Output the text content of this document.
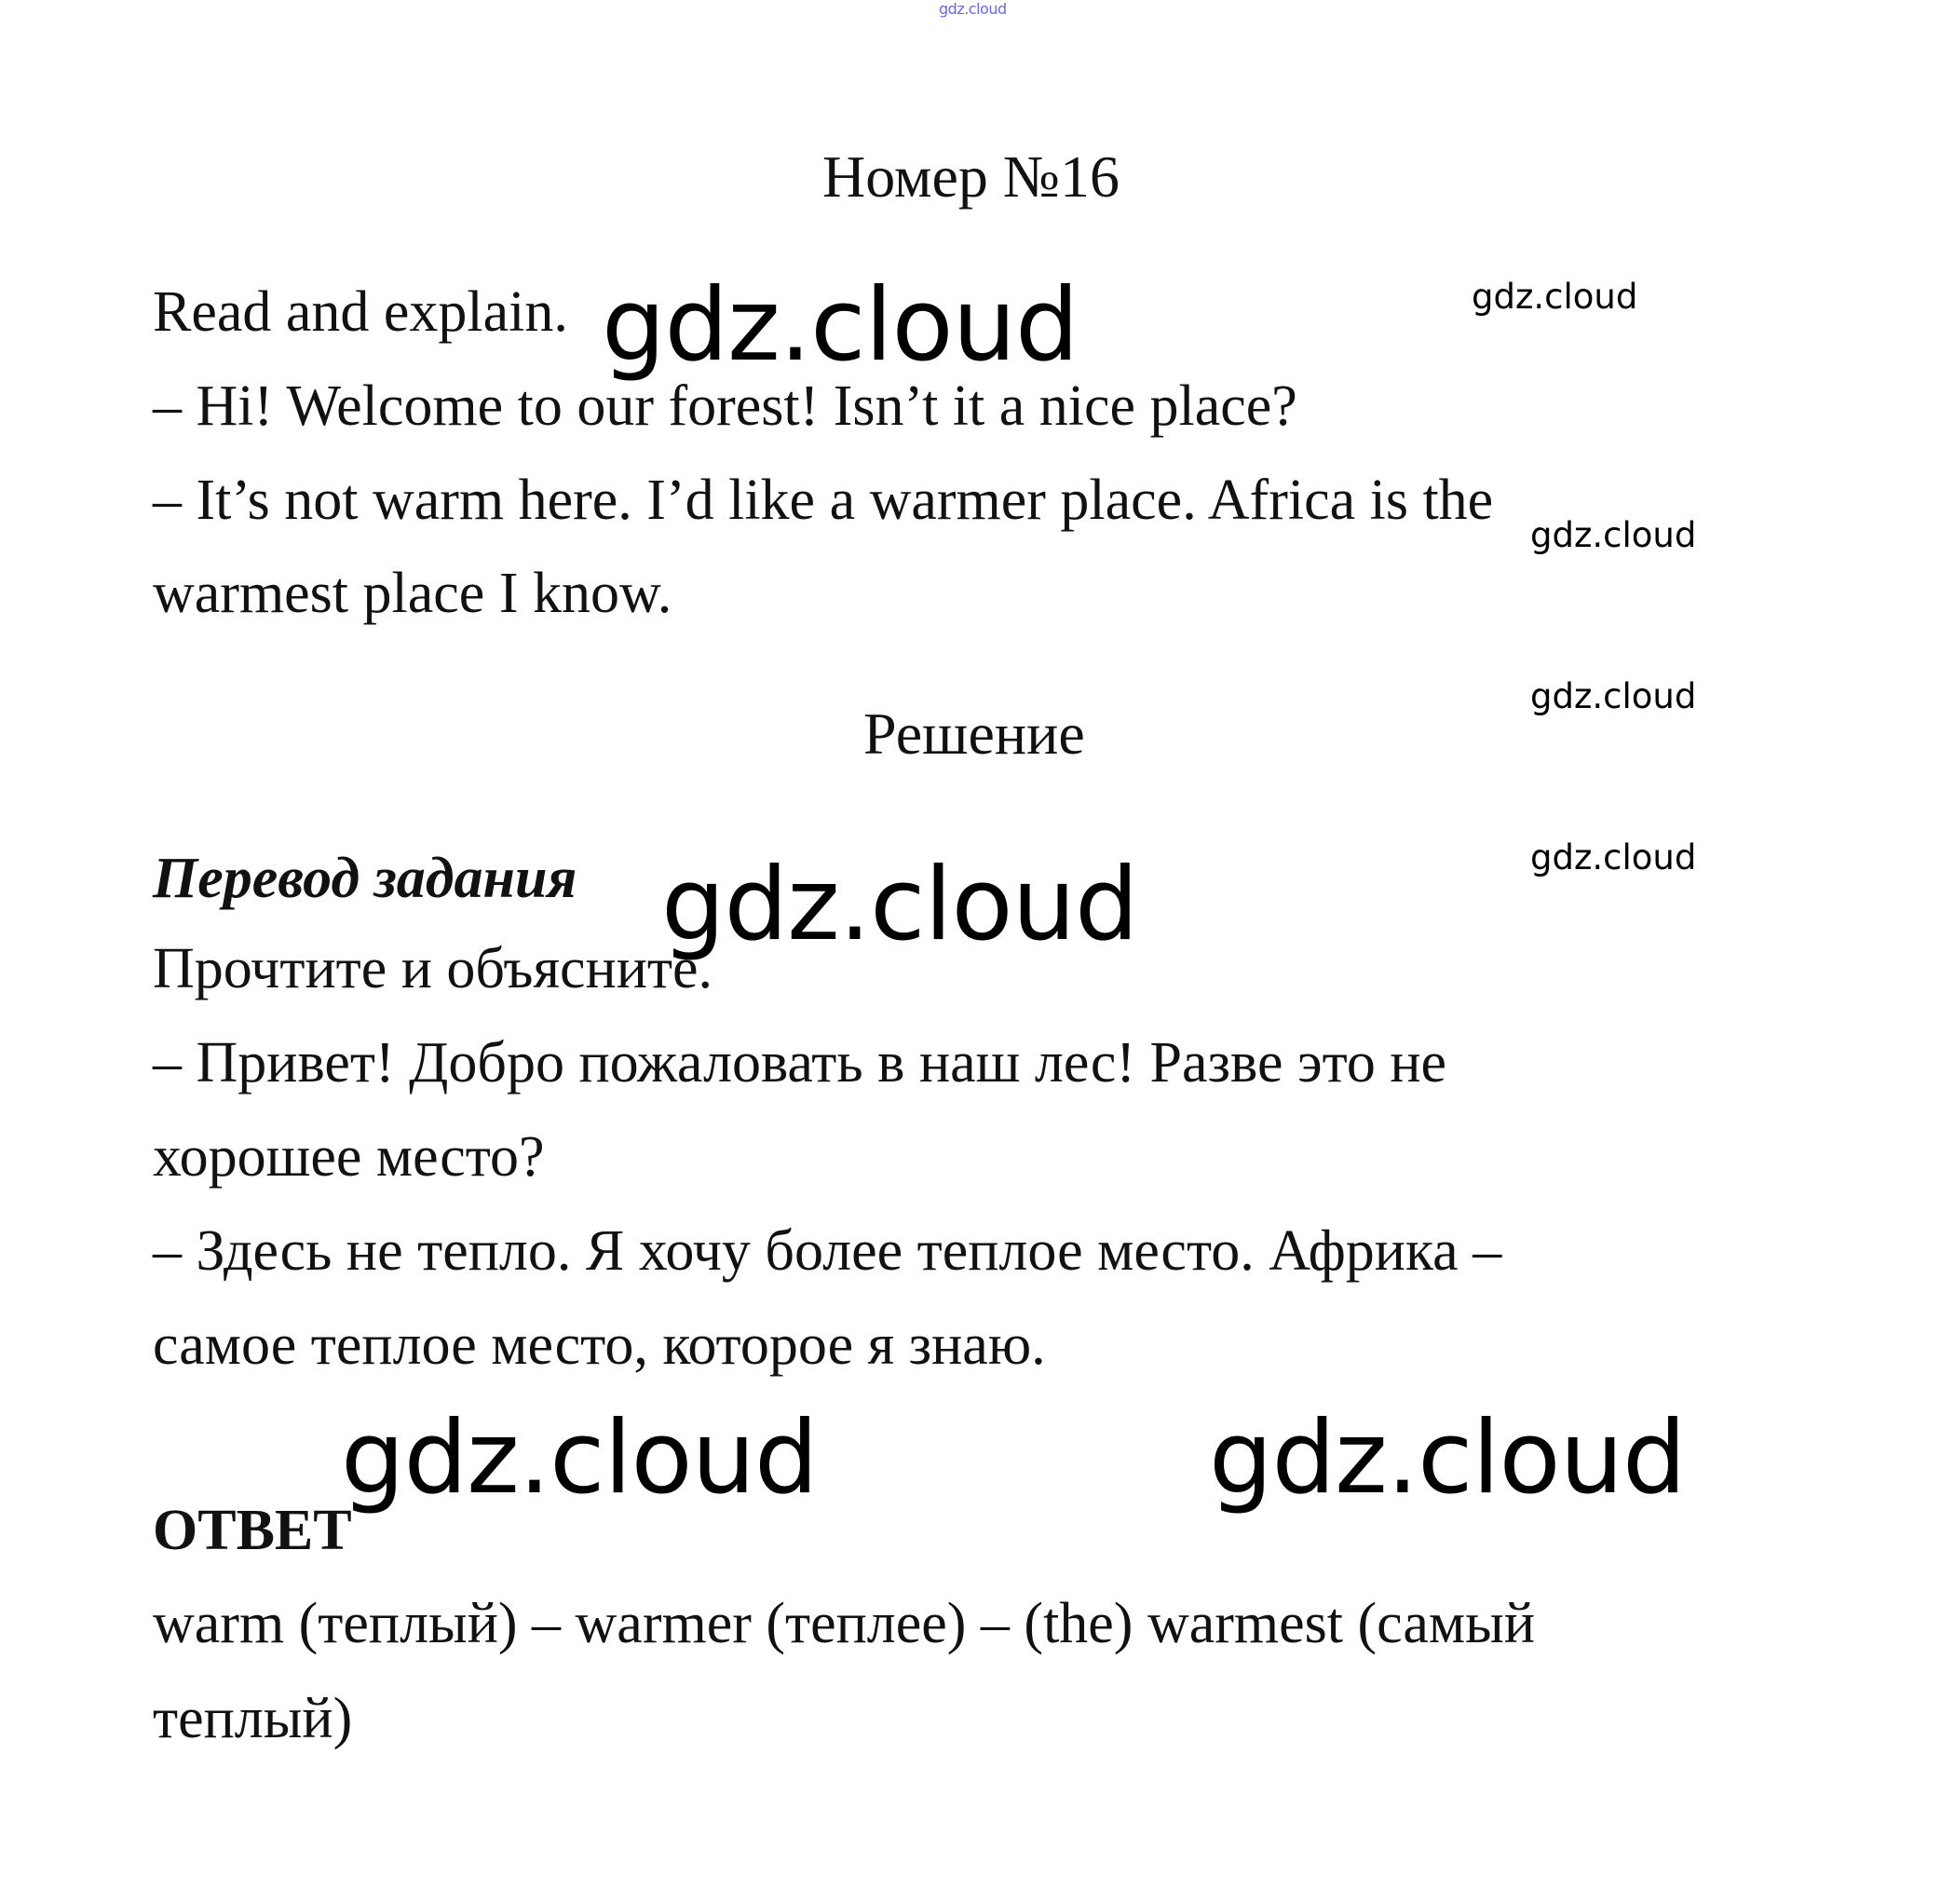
gdz.cloud
Номер №16
Read and explain.
– Hi! Welcome to our forest! Isn’t it a nice place?
– It’s not warm here. I’d like a warmer place. Africa is the
warmest place I know.
Решение
Перевод задания
Прочтите и объясните.
– Привет! Добро пожаловать в наш лес! Разве это не
хорошее место?
– Здесь не тепло. Я хочу более теплое место. Африка –
самое теплое место, которое я знаю.
ОТВЕТ
warm (теплый) – warmer (теплее) – (the) warmest (самый
теплый)
gdz.cloud
gdz.cloud
gdz.cloud
gdz.cloud
gdz.cloud
gdz.cloud
gdz.cloud	gdz.cloud
